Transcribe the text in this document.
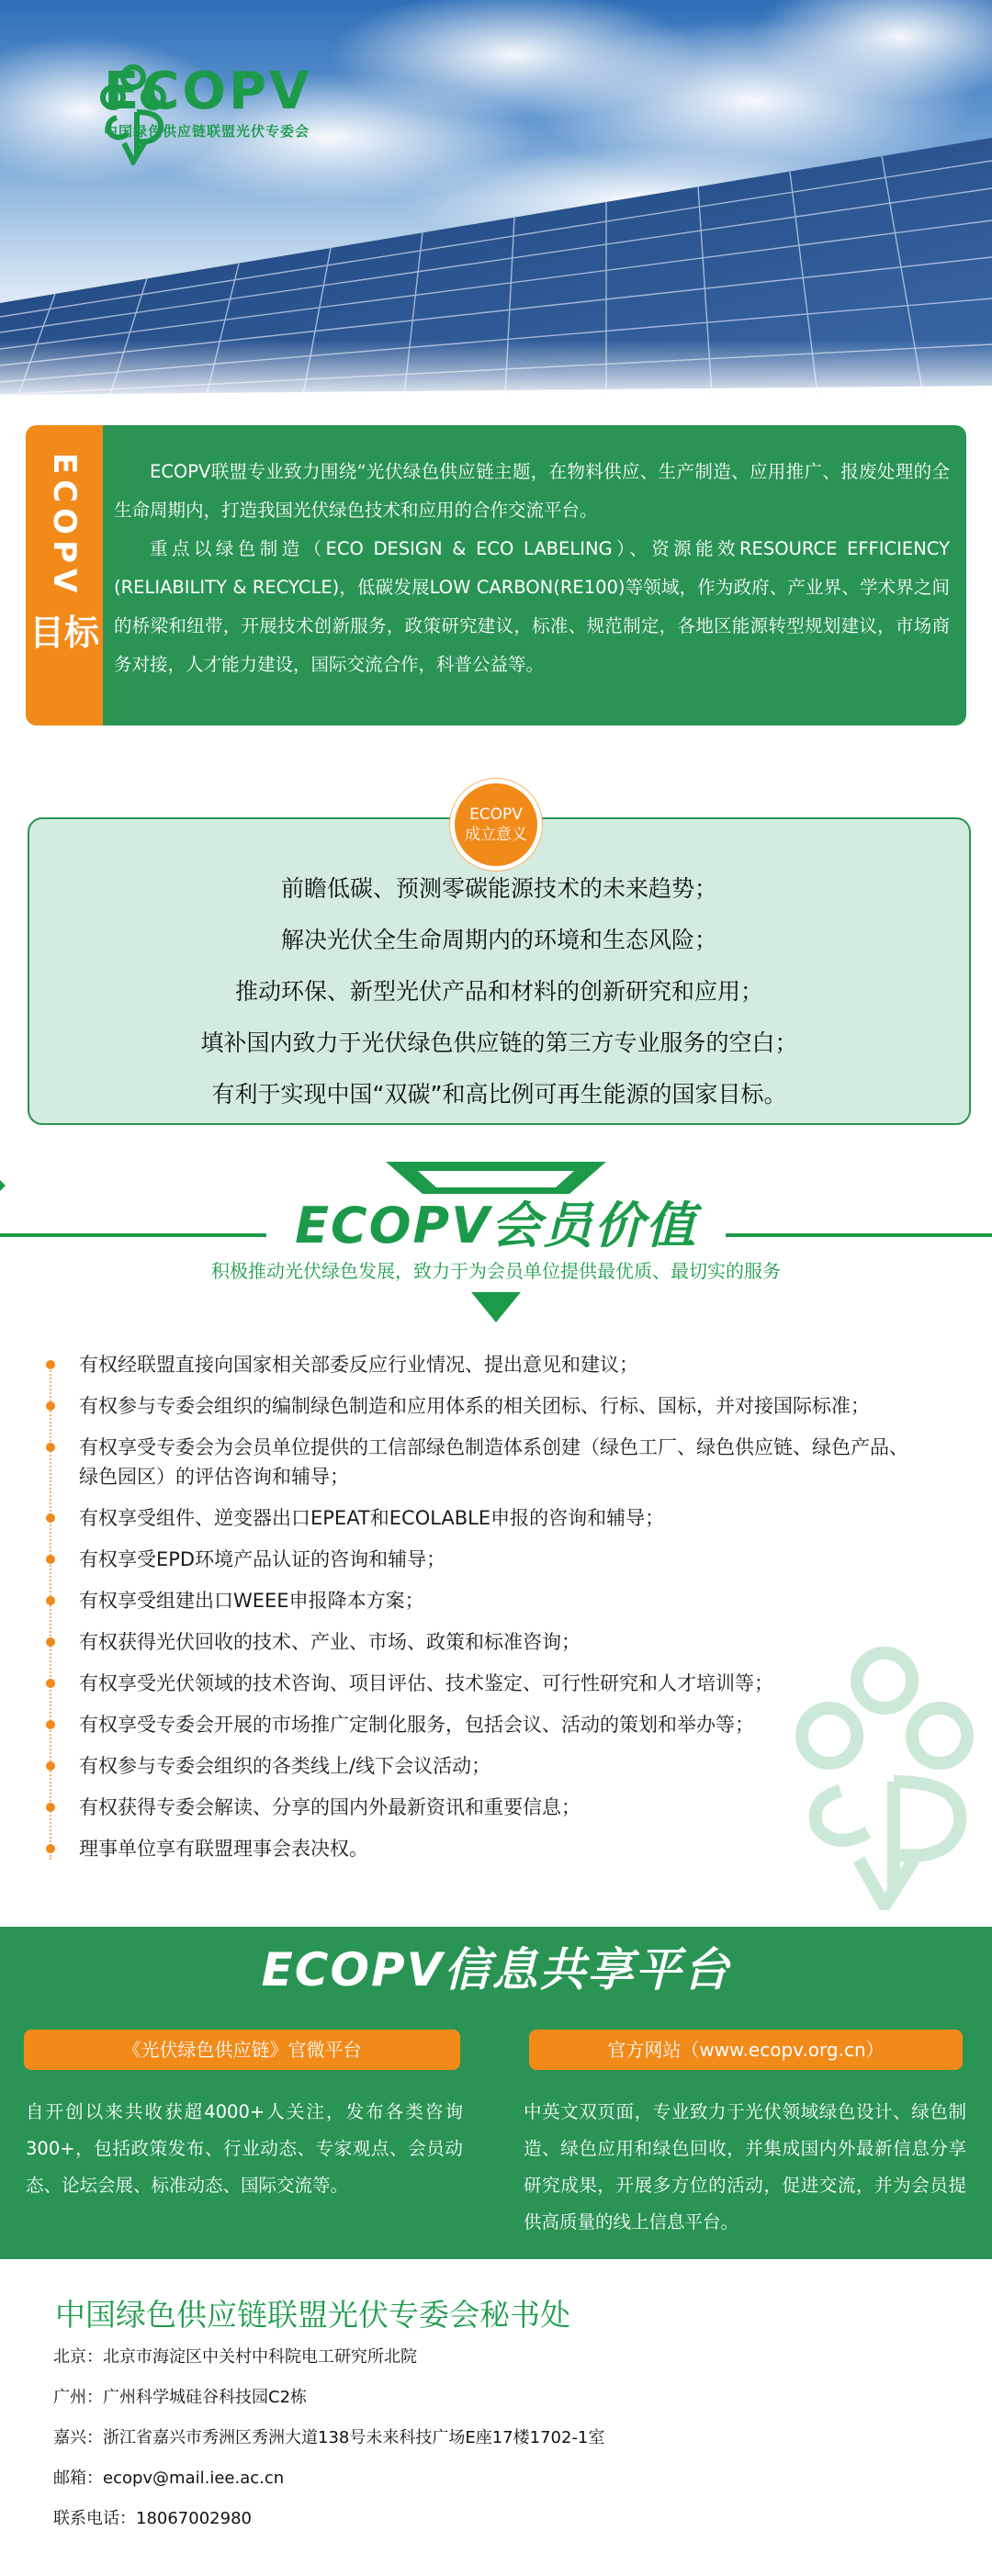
ECOPV
中国绿色供应链联盟光伏专委会
ECOPV
目标

ECOPV联盟专业致力围绕“光伏绿色供应链主题，在物料供应、生产制造、应用推广、报废处理的全生命周期内，打造我国光伏绿色技术和应用的合作交流平台。

重点以绿色制造（ECO DESIGN & ECO LABELING）、资源能效RESOURCE EFFICIENCY (RELIABILITY & RECYCLE)，低碳发展LOW CARBON(RE100)等领域，作为政府、产业界、学术界之间的桥梁和纽带，开展技术创新服务，政策研究建议，标准、规范制定，各地区能源转型规划建议，市场商务对接，人才能力建设，国际交流合作，科普公益等。

ECOPV
成立意义
前瞻低碳、预测零碳能源技术的未来趋势；
解决光伏全生命周期内的环境和生态风险；
推动环保、新型光伏产品和材料的创新研究和应用；
填补国内致力于光伏绿色供应链的第三方专业服务的空白；
有利于实现中国“双碳”和高比例可再生能源的国家目标。
ECOPV会员价值
积极推动光伏绿色发展，致力于为会员单位提供最优质、最切实的服务
有权经联盟直接向国家相关部委反应行业情况、提出意见和建议；
有权参与专委会组织的编制绿色制造和应用体系的相关团标、行标、国标，并对接国际标准；
有权享受专委会为会员单位提供的工信部绿色制造体系创建（绿色工厂、绿色供应链、绿色产品、绿色园区）的评估咨询和辅导；
有权享受组件、逆变器出口EPEAT和ECOLABLE申报的咨询和辅导；
有权享受EPD环境产品认证的咨询和辅导；
有权享受组建出口WEEE申报降本方案；
有权获得光伏回收的技术、产业、市场、政策和标准咨询；
有权享受光伏领域的技术咨询、项目评估、技术鉴定、可行性研究和人才培训等；
有权享受专委会开展的市场推广定制化服务，包括会议、活动的策划和举办等；
有权参与专委会组织的各类线上/线下会议活动；
有权获得专委会解读、分享的国内外最新资讯和重要信息；
理事单位享有联盟理事会表决权。
ECOPV信息共享平台
《光伏绿色供应链》官微平台	官方网站（www.ecopv.org.cn）
自开创以来共收获超4000+人关注，发布各类咨询300+，包括政策发布、行业动态、专家观点、会员动态、论坛会展、标准动态、国际交流等。
中英文双页面，专业致力于光伏领域绿色设计、绿色制造、绿色应用和绿色回收，并集成国内外最新信息分享研究成果，开展多方位的活动，促进交流，并为会员提供高质量的线上信息平台。
中国绿色供应链联盟光伏专委会秘书处
北京：北京市海淀区中关村中科院电工研究所北院
广州：广州科学城硅谷科技园C2栋
嘉兴：浙江省嘉兴市秀洲区秀洲大道138号未来科技广场E座17楼1702-1室
邮箱：ecopv@mail.iee.ac.cn
联系电话：18067002980
